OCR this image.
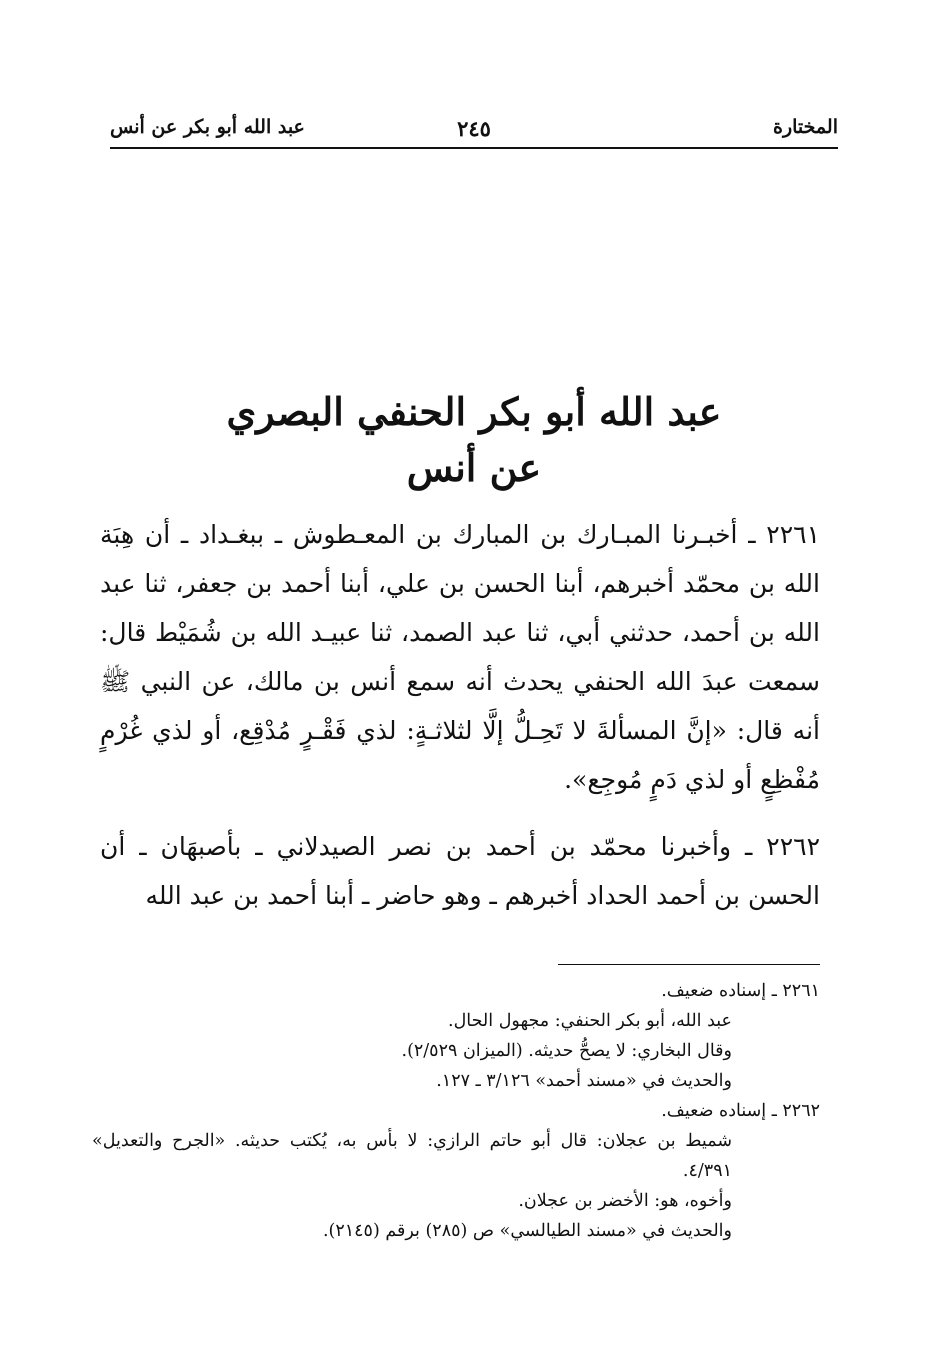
المختارة
٢٤٥
عبد الله أبو بكر عن أنس
عبد الله أبو بكر الحنفي البصري
عن أنس

٢٢٦١ ـ أخبـرنا المبـارك بن المبارك بن المعـطوش ـ ببغـداد ـ أن هِبَة الله بن محمّد أخبرهم، أبنا الحسن بن علي، أبنا أحمد بن جعفر، ثنا عبد الله بن أحمد، حدثني أبي، ثنا عبد الصمد، ثنا عبيـد الله بن شُمَيْط قال: سمعت عبدَ الله الحنفي يحدث أنه سمع أنس بن مالك، عن النبي ﷺ أنه قال: «إنَّ المسألةَ لا تَحِـلُّ إلَّا لثلاثـةٍ: لذي فَقْـرٍ مُدْقِع، أو لذي غُرْمٍ مُفْظِعٍ أو لذي دَمٍ مُوجِع».

٢٢٦٢ ـ وأخبرنا محمّد بن أحمد بن نصر الصيدلاني ـ بأصبهَان ـ أن الحسن بن أحمد الحداد أخبرهم ـ وهو حاضر ـ أبنا أحمد بن عبد الله

٢٢٦١ ـ إسناده ضعيف.
عبد الله، أبو بكر الحنفي: مجهول الحال.
وقال البخاري: لا يصحُّ حديثه. (الميزان ٢/٥٢٩).
والحديث في «مسند أحمد» ٣/١٢٦ ـ ١٢٧.
٢٢٦٢ ـ إسناده ضعيف.
شميط بن عجلان: قال أبو حاتم الرازي: لا بأس به، يُكتب حديثه. «الجرح والتعديل» ٤/٣٩١.
وأخوه، هو: الأخضر بن عجلان.
والحديث في «مسند الطيالسي» ص (٢٨٥) برقم (٢١٤٥).
